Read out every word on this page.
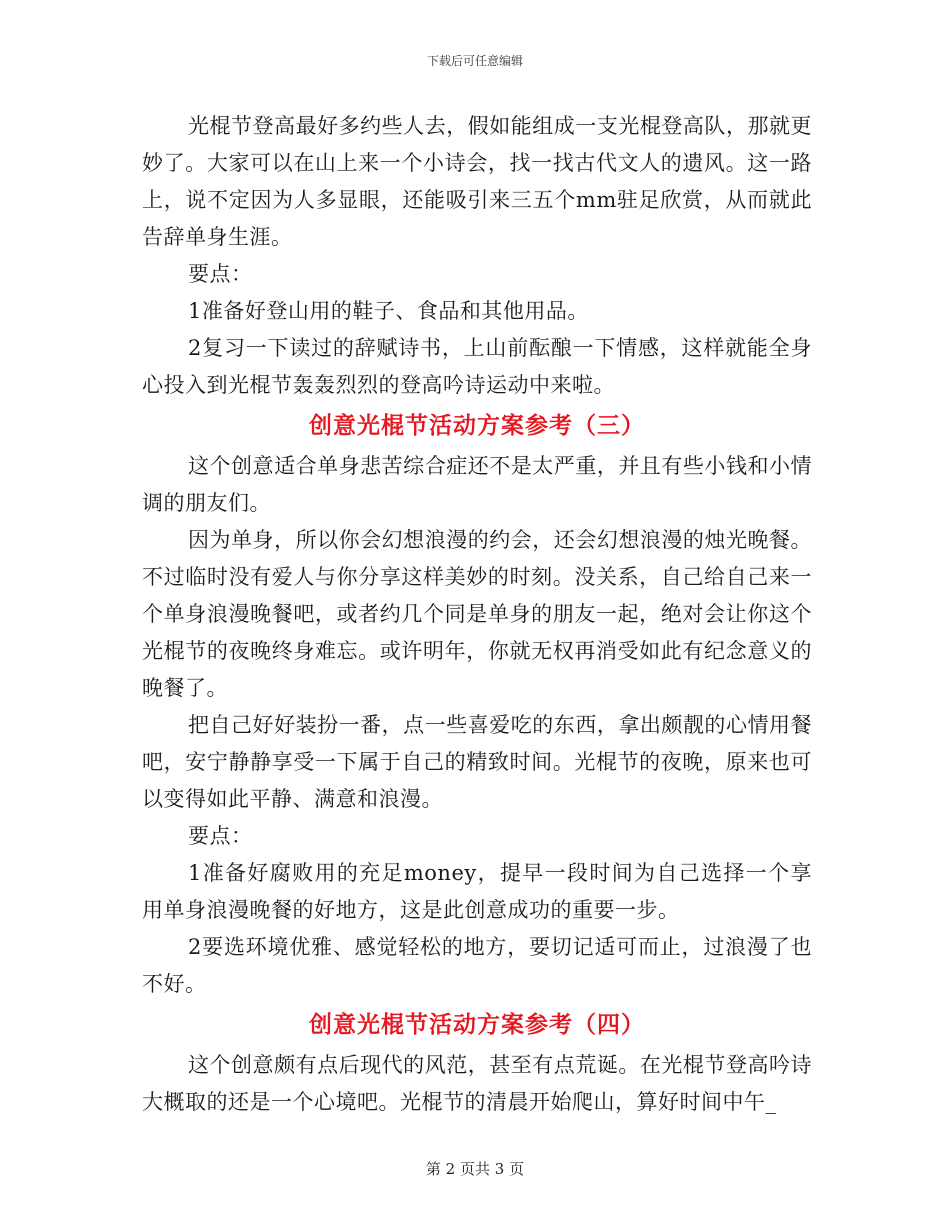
下载后可任意编辑

光棍节登高最好多约些人去，假如能组成一支光棍登高队，那就更妙了。大家可以在山上来一个小诗会，找一找古代文人的遗风。这一路上，说不定因为人多显眼，还能吸引来三五个mm驻足欣赏，从而就此告辞单身生涯。

要点：

1准备好登山用的鞋子、食品和其他用品。

2复习一下读过的辞赋诗书，上山前酝酿一下情感，这样就能全身心投入到光棍节轰轰烈烈的登高吟诗运动中来啦。

创意光棍节活动方案参考（三）

这个创意适合单身悲苦综合症还不是太严重，并且有些小钱和小情调的朋友们。

因为单身，所以你会幻想浪漫的约会，还会幻想浪漫的烛光晚餐。不过临时没有爱人与你分享这样美妙的时刻。没关系，自己给自己来一个单身浪漫晚餐吧，或者约几个同是单身的朋友一起，绝对会让你这个光棍节的夜晚终身难忘。或许明年，你就无权再消受如此有纪念意义的晚餐了。

把自己好好装扮一番，点一些喜爱吃的东西，拿出颇靓的心情用餐吧，安宁静静享受一下属于自己的精致时间。光棍节的夜晚，原来也可以变得如此平静、满意和浪漫。

要点：

1准备好腐败用的充足money，提早一段时间为自己选择一个享用单身浪漫晚餐的好地方，这是此创意成功的重要一步。

2要选环境优雅、感觉轻松的地方，要切记适可而止，过浪漫了也不好。

创意光棍节活动方案参考（四）

这个创意颇有点后现代的风范，甚至有点荒诞。在光棍节登高吟诗大概取的还是一个心境吧。光棍节的清晨开始爬山，算好时间中午_

第 2 页共 3 页
